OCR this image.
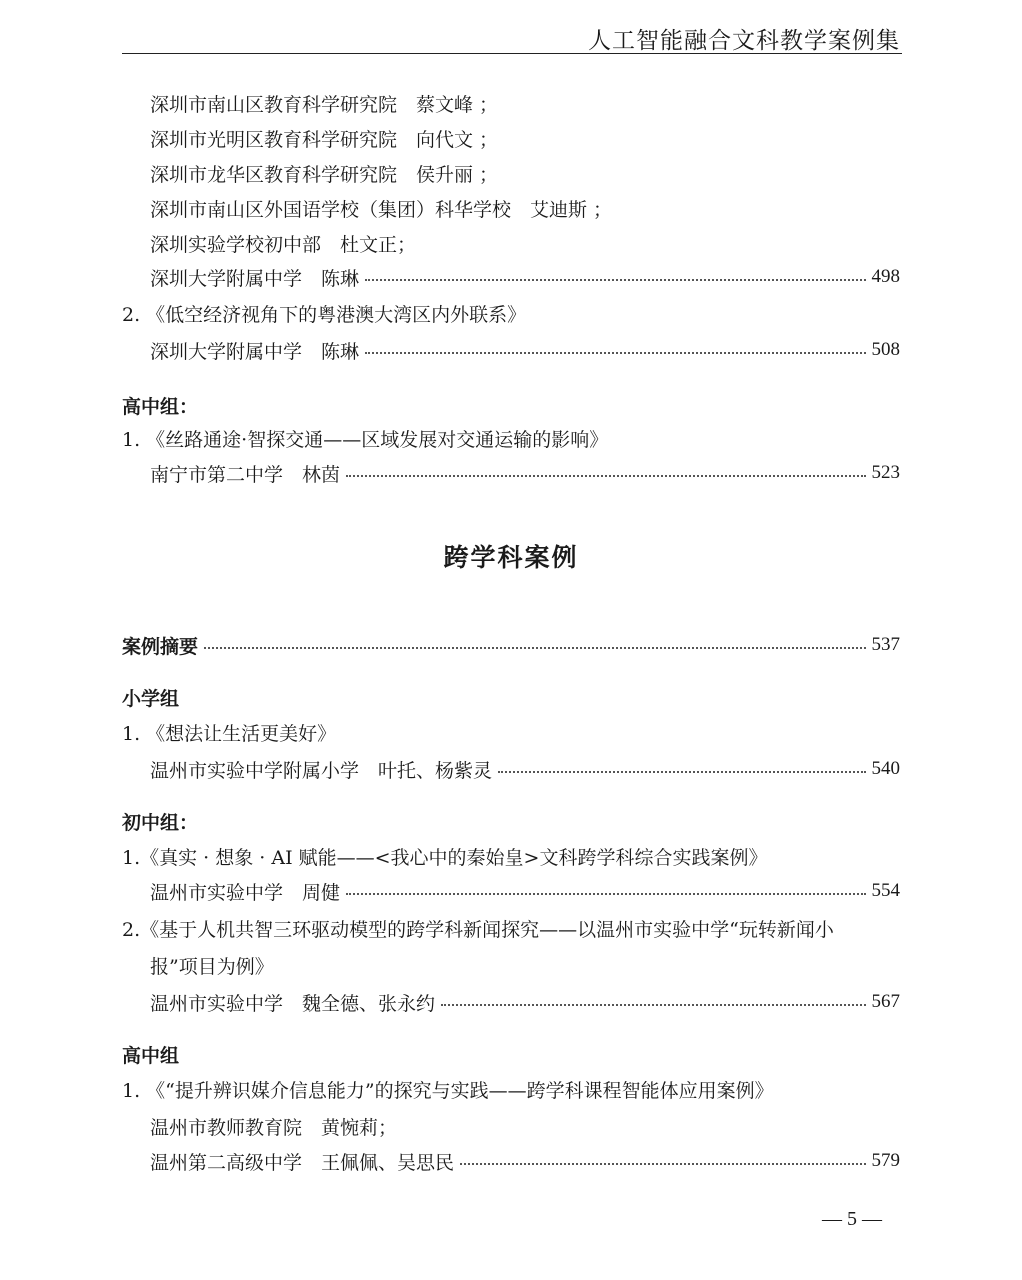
人工智能融合文科教学案例集
深圳市南山区教育科学研究院　蔡文峰 ；
深圳市光明区教育科学研究院　向代文 ；
深圳市龙华区教育科学研究院　侯升丽 ；
深圳市南山区外国语学校（集团）科华学校　艾迪斯 ；
深圳实验学校初中部　杜文正；
深圳大学附属中学　陈琳	498
2. 《低空经济视角下的粤港澳大湾区内外联系》
深圳大学附属中学　陈琳	508
高中组：
1. 《丝路通途·智探交通——区域发展对交通运输的影响》
南宁市第二中学　林茵	523
跨学科案例
案例摘要	537
小学组
1. 《想法让生活更美好》
温州市实验中学附属小学　叶托、杨紫灵	540
初中组：
1.《真实 · 想象 · AI 赋能——<我心中的秦始皇>文科跨学科综合实践案例》
温州市实验中学　周健	554
2.《基于人机共智三环驱动模型的跨学科新闻探究——以温州市实验中学“玩转新闻小
报”项目为例》
温州市实验中学　魏全德、张永约	567
高中组
1. 《“提升辨识媒介信息能力”的探究与实践——跨学科课程智能体应用案例》
温州市教师教育院　黄惋莉；
温州第二高级中学　王佩佩、吴思民	579
— 5 —
